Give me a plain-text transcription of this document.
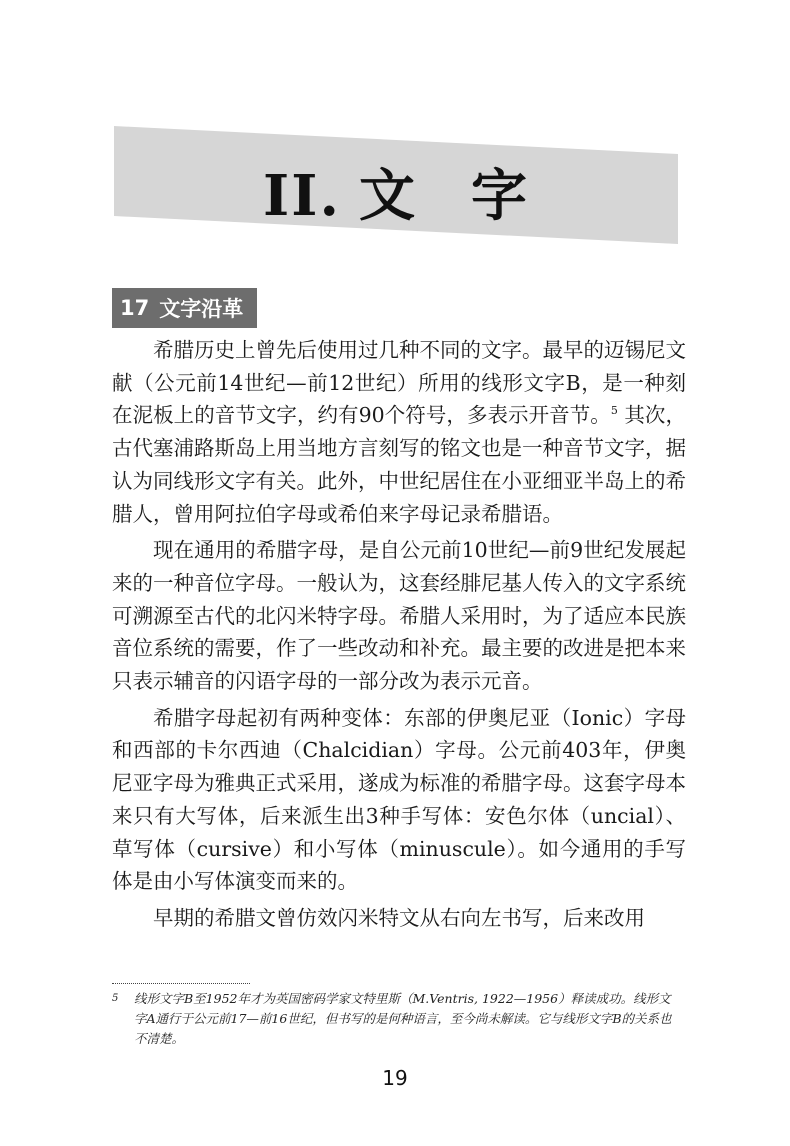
II. 文 字
17 文字沿革

希腊历史上曾先后使用过几种不同的文字。最早的迈锡尼文献（公元前14世纪—前12世纪）所用的线形文字B，是一种刻在泥板上的音节文字，约有90个符号，多表示开音节。$^5$ 其次，古代塞浦路斯岛上用当地方言刻写的铭文也是一种音节文字，据认为同线形文字有关。此外，中世纪居住在小亚细亚半岛上的希腊人，曾用阿拉伯字母或希伯来字母记录希腊语。

现在通用的希腊字母，是自公元前10世纪—前9世纪发展起来的一种音位字母。一般认为，这套经腓尼基人传入的文字系统可溯源至古代的北闪米特字母。希腊人采用时，为了适应本民族音位系统的需要，作了一些改动和补充。最主要的改进是把本来只表示辅音的闪语字母的一部分改为表示元音。

希腊字母起初有两种变体：东部的伊奥尼亚（Ionic）字母和西部的卡尔西迪（Chalcidian）字母。公元前403年，伊奥尼亚字母为雅典正式采用，遂成为标准的希腊字母。这套字母本来只有大写体，后来派生出3种手写体：安色尔体（uncial）、草写体（cursive）和小写体（minuscule）。如今通用的手写体是由小写体演变而来的。

早期的希腊文曾仿效闪米特文从右向左书写，后来改用

5 线形文字B至1952年才为英国密码学家文特里斯（M.Ventris, 1922—1956）释读成功。线形文字A通行于公元前17—前16世纪，但书写的是何种语言，至今尚未解读。它与线形文字B的关系也不清楚。
19
